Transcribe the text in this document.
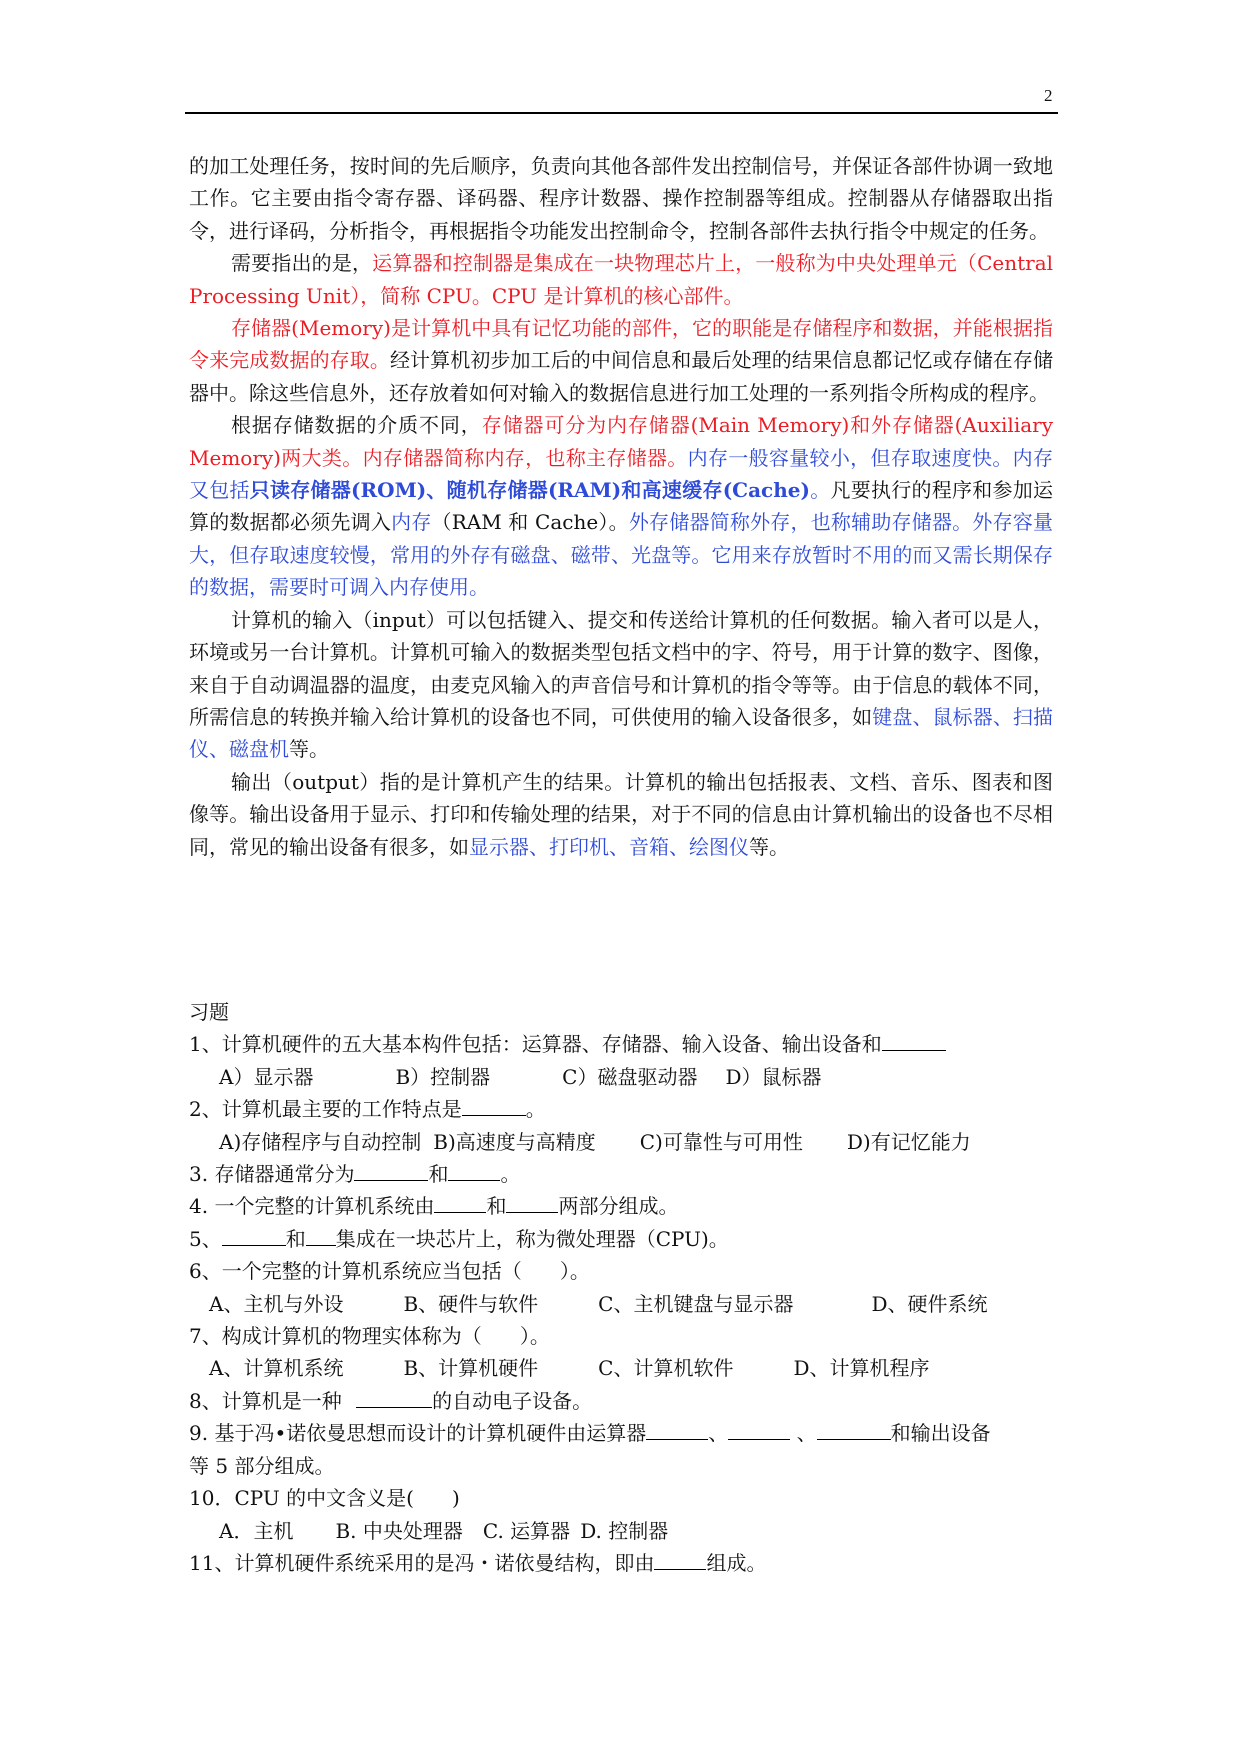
2

的加工处理任务，按时间的先后顺序，负责向其他各部件发出控制信号，并保证各部件协调一致地工作。它主要由指令寄存器、译码器、程序计数器、操作控制器等组成。控制器从存储器取出指令，进行译码，分析指令，再根据指令功能发出控制命令，控制各部件去执行指令中规定的任务。

需要指出的是，运算器和控制器是集成在一块物理芯片上，一般称为中央处理单元（Central Processing Unit），简称 CPU。CPU 是计算机的核心部件。

存储器(Memory)是计算机中具有记忆功能的部件，它的职能是存储程序和数据，并能根据指令来完成数据的存取。经计算机初步加工后的中间信息和最后处理的结果信息都记忆或存储在存储器中。除这些信息外，还存放着如何对输入的数据信息进行加工处理的一系列指令所构成的程序。

根据存储数据的介质不同，存储器可分为内存储器(Main Memory)和外存储器(Auxiliary Memory)两大类。内存储器简称内存，也称主存储器。内存一般容量较小，但存取速度快。内存又包括只读存储器(ROM)、随机存储器(RAM)和高速缓存(Cache)。凡要执行的程序和参加运算的数据都必须先调入内存（RAM 和 Cache）。外存储器简称外存，也称辅助存储器。外存容量大，但存取速度较慢，常用的外存有磁盘、磁带、光盘等。它用来存放暂时不用的而又需长期保存的数据，需要时可调入内存使用。

计算机的输入（input）可以包括键入、提交和传送给计算机的任何数据。输入者可以是人，环境或另一台计算机。计算机可输入的数据类型包括文档中的字、符号，用于计算的数字、图像，来自于自动调温器的温度，由麦克风输入的声音信号和计算机的指令等等。由于信息的载体不同，所需信息的转换并输入给计算机的设备也不同，可供使用的输入设备很多，如键盘、鼠标器、扫描仪、磁盘机等。

输出（output）指的是计算机产生的结果。计算机的输出包括报表、文档、音乐、图表和图像等。输出设备用于显示、打印和传输处理的结果，对于不同的信息由计算机输出的设备也不尽相同，常见的输出设备有很多，如显示器、打印机、音箱、绘图仪等。

习题
1、计算机硬件的五大基本构件包括：运算器、存储器、输入设备、输出设备和
A）显示器	B）控制器	C）磁盘驱动器 D）鼠标器
2、计算机最主要的工作特点是	。
A)存储程序与自动控制 B)高速度与高精度 C)可靠性与可用性 D)有记忆能力
3. 存储器通常分为	和	。
4. 一个完整的计算机系统由	和	两部分组成。
5、	和 集成在一块芯片上，称为微处理器（CPU)。
6、一个完整的计算机系统应当包括（      ）。
A、主机与外设	B、硬件与软件	C、主机键盘与显示器	D、硬件系统
7、构成计算机的物理实体称为（      ）。
A、计算机系统	B、计算机硬件	C、计算机软件	D、计算机程序
8、计算机是一种	的自动电子设备。
9. 基于冯•诺依曼思想而设计的计算机硬件由运算器	、	、	和输出设备
等 5 部分组成。
10．CPU 的中文含义是(      )
A．主机 B. 中央处理器 C. 运算器 D. 控制器
11、计算机硬件系统采用的是冯・诺依曼结构，即由	组成。
